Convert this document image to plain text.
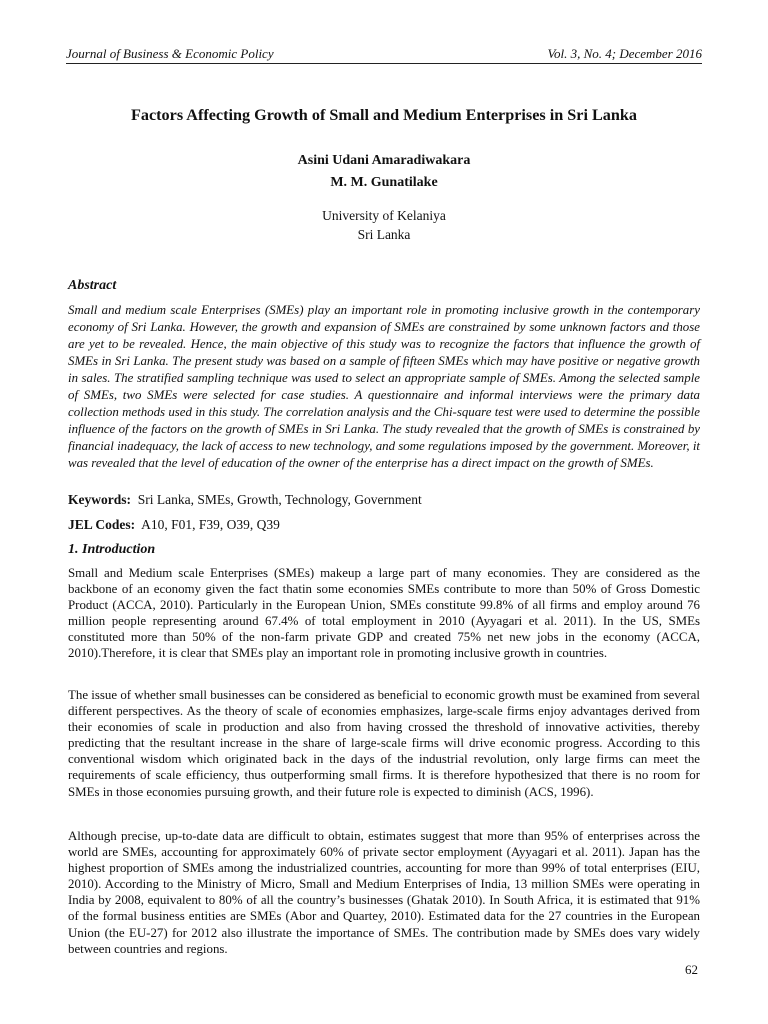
Journal of Business & Economic Policy	Vol. 3, No. 4; December 2016
Factors Affecting Growth of Small and Medium Enterprises in Sri Lanka
Asini Udani Amaradiwakara
M. M. Gunatilake
University of Kelaniya
Sri Lanka
Abstract

Small and medium scale Enterprises (SMEs) play an important role in promoting inclusive growth in the contemporary economy of Sri Lanka. However, the growth and expansion of SMEs are constrained by some unknown factors and those are yet to be revealed. Hence, the main objective of this study was to recognize the factors that influence the growth of SMEs in Sri Lanka. The present study was based on a sample of fifteen SMEs which may have positive or negative growth in sales. The stratified sampling technique was used to select an appropriate sample of SMEs. Among the selected sample of SMEs, two SMEs were selected for case studies. A questionnaire and informal interviews were the primary data collection methods used in this study. The correlation analysis and the Chi-square test were used to determine the possible influence of the factors on the growth of SMEs in Sri Lanka. The study revealed that the growth of SMEs is constrained by financial inadequacy, the lack of access to new technology, and some regulations imposed by the government. Moreover, it was revealed that the level of education of the owner of the enterprise has a direct impact on the growth of SMEs.

Keywords: Sri Lanka, SMEs, Growth, Technology, Government
JEL Codes: A10, F01, F39, O39, Q39
1. Introduction

Small and Medium scale Enterprises (SMEs) makeup a large part of many economies. They are considered as the backbone of an economy given the fact thatin some economies SMEs contribute to more than 50% of Gross Domestic Product (ACCA, 2010). Particularly in the European Union, SMEs constitute 99.8% of all firms and employ around 76 million people representing around 67.4% of total employment in 2010 (Ayyagari et al. 2011). In the US, SMEs constituted more than 50% of the non-farm private GDP and created 75% net new jobs in the economy (ACCA, 2010).Therefore, it is clear that SMEs play an important role in promoting inclusive growth in countries.

The issue of whether small businesses can be considered as beneficial to economic growth must be examined from several different perspectives. As the theory of scale of economies emphasizes, large-scale firms enjoy advantages derived from their economies of scale in production and also from having crossed the threshold of innovative activities, thereby predicting that the resultant increase in the share of large-scale firms will drive economic progress. According to this conventional wisdom which originated back in the days of the industrial revolution, only large firms can meet the requirements of scale efficiency, thus outperforming small firms. It is therefore hypothesized that there is no room for SMEs in those economies pursuing growth, and their future role is expected to diminish (ACS, 1996).

Although precise, up-to-date data are difficult to obtain, estimates suggest that more than 95% of enterprises across the world are SMEs, accounting for approximately 60% of private sector employment (Ayyagari et al. 2011). Japan has the highest proportion of SMEs among the industrialized countries, accounting for more than 99% of total enterprises (EIU, 2010). According to the Ministry of Micro, Small and Medium Enterprises of India, 13 million SMEs were operating in India by 2008, equivalent to 80% of all the country’s businesses (Ghatak 2010). In South Africa, it is estimated that 91% of the formal business entities are SMEs (Abor and Quartey, 2010). Estimated data for the 27 countries in the European Union (the EU-27) for 2012 also illustrate the importance of SMEs. The contribution made by SMEs does vary widely between countries and regions.

62
